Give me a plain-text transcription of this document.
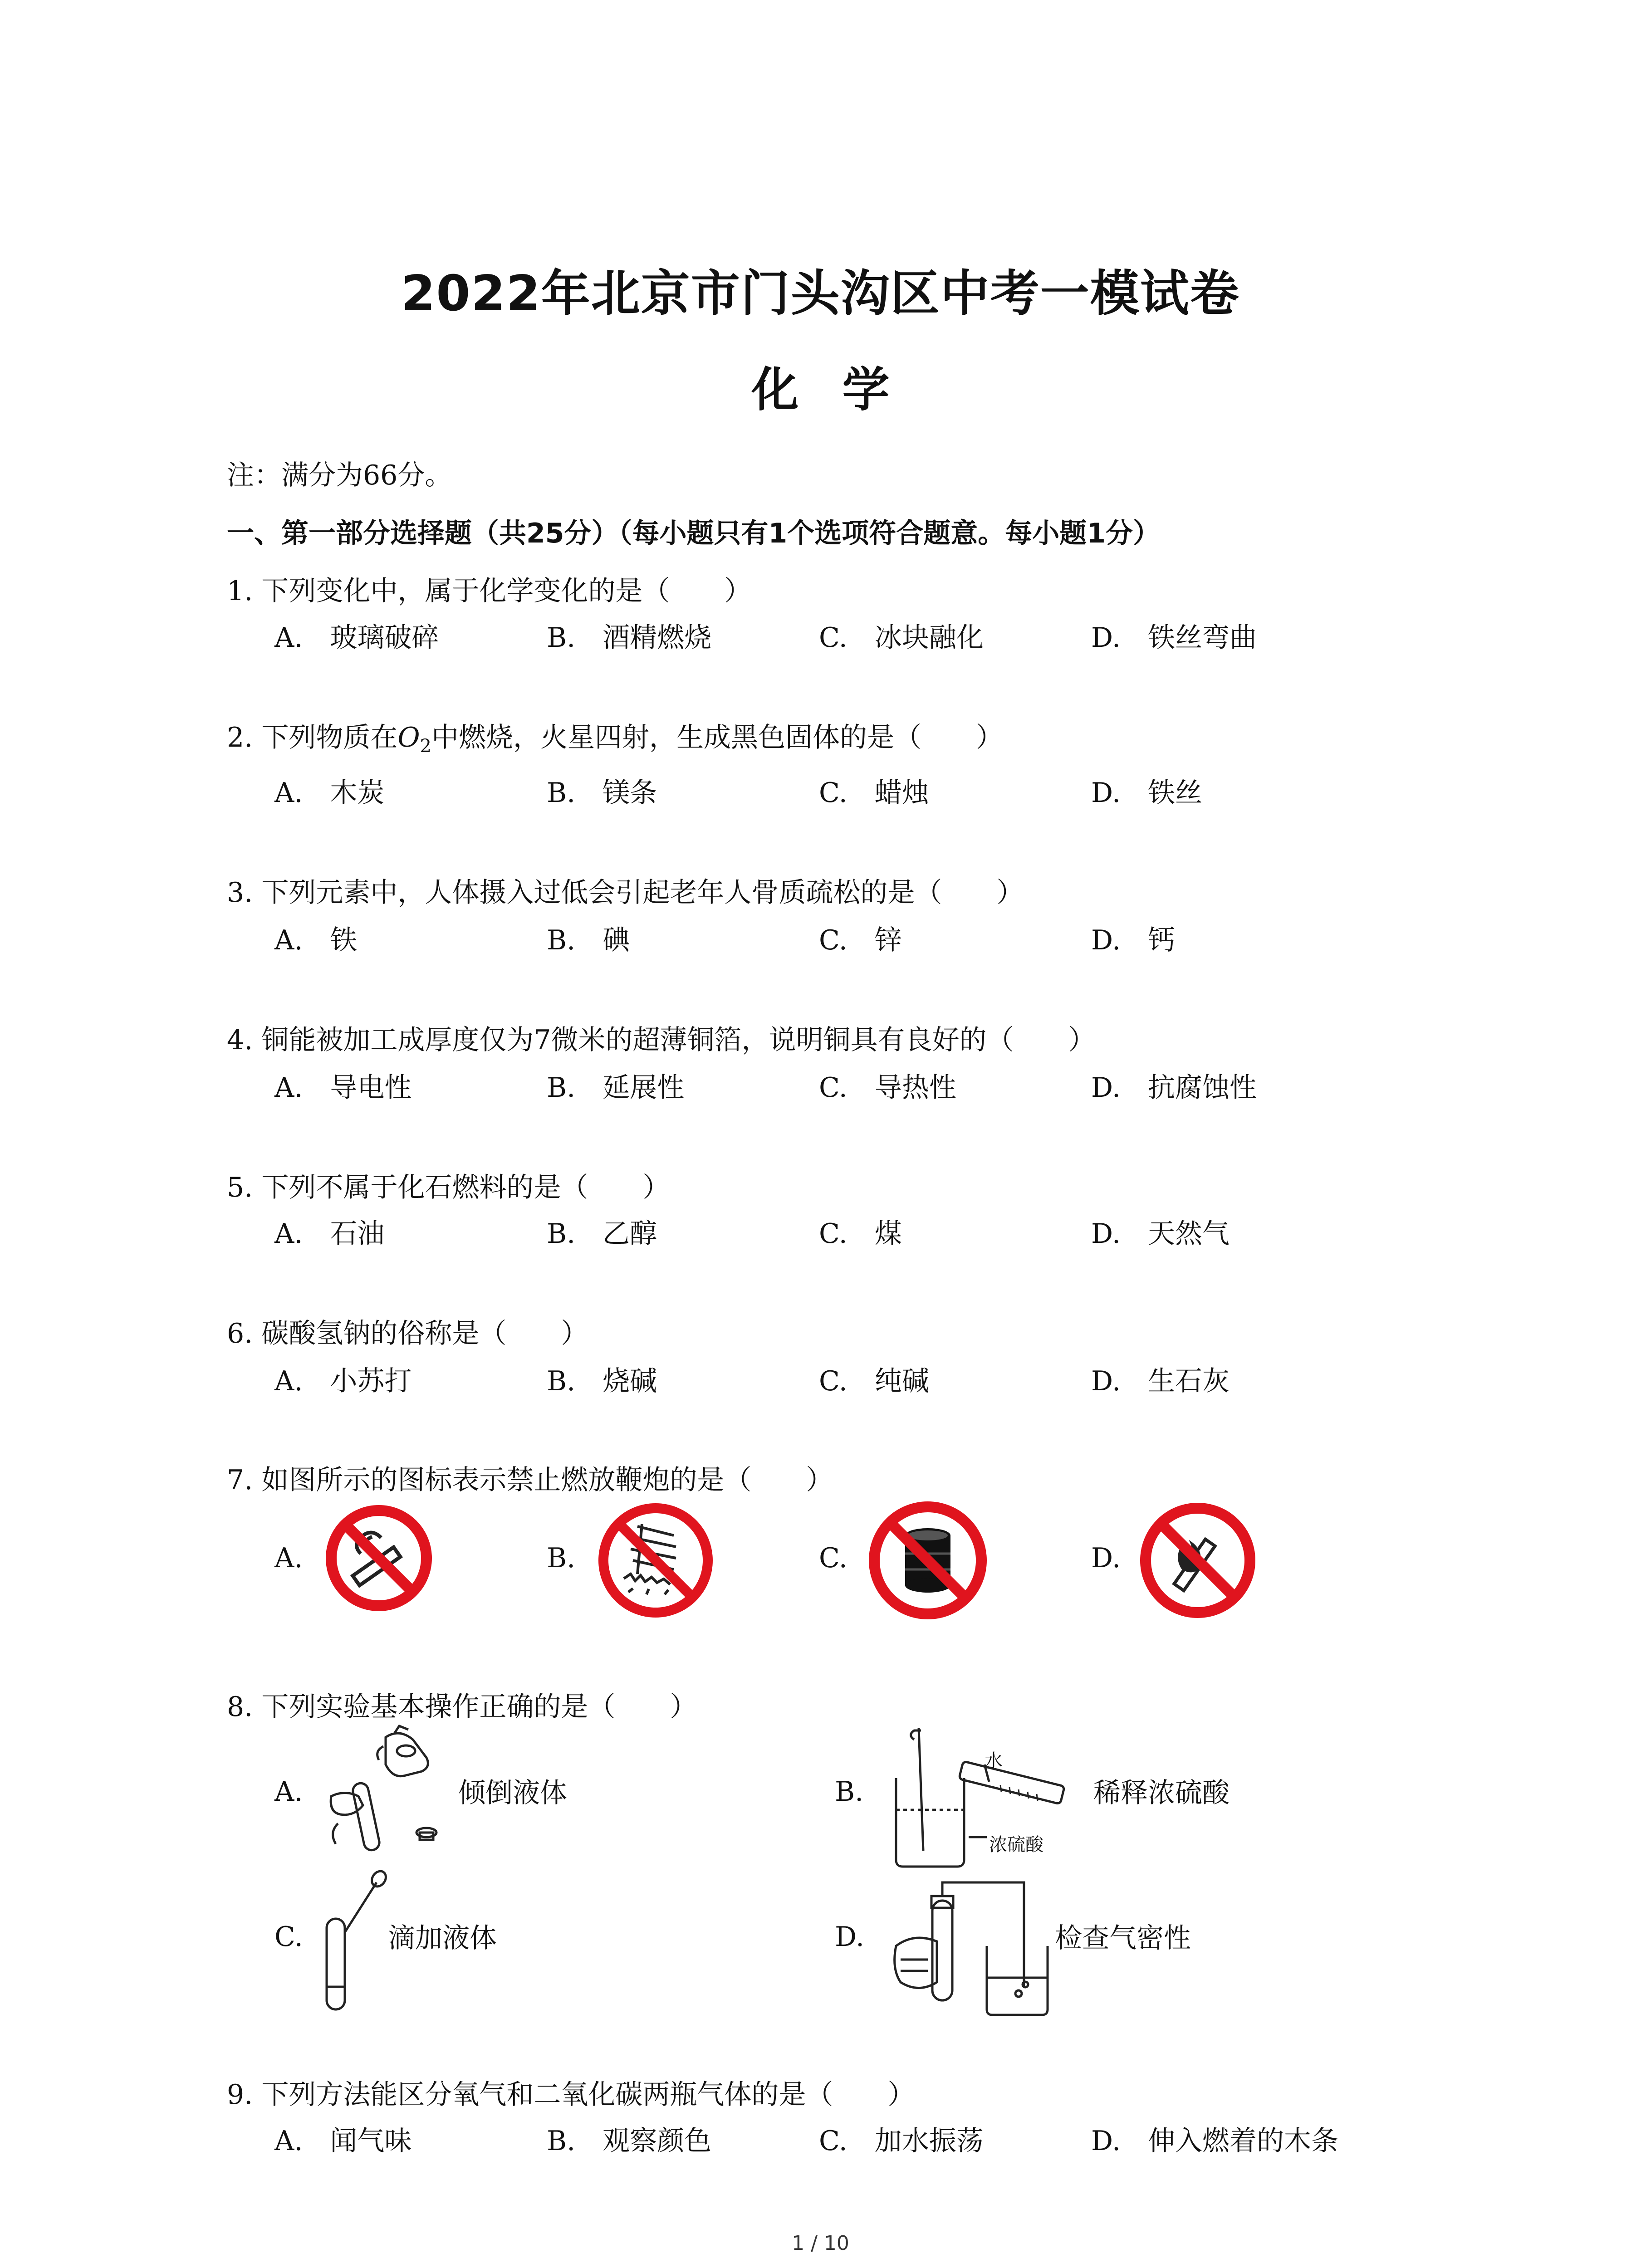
2022年北京市门头沟区中考一模试卷
化 学
注：满分为66分。
一、第一部分选择题（共25分）（每小题只有1个选项符合题意。每小题1分）
1. 下列变化中，属于化学变化的是（　　）
A.　玻璃破碎	B.　酒精燃烧	C.　冰块融化	D.　铁丝弯曲
2. 下列物质在$O_2$中燃烧，火星四射，生成黑色固体的是（　　）
A.　木炭	B.　镁条	C.　蜡烛	D.　铁丝
3. 下列元素中，人体摄入过低会引起老年人骨质疏松的是（　　）
A.　铁	B.　碘	C.　锌	D.　钙
4. 铜能被加工成厚度仅为7微米的超薄铜箔，说明铜具有良好的（　　）
A.　导电性	B.　延展性	C.　导热性	D.　抗腐蚀性
5. 下列不属于化石燃料的是（　　）
A.　石油	B.　乙醇	C.　煤	D.　天然气
6. 碳酸氢钠的俗称是（　　）
A.　小苏打	B.　烧碱	C.　纯碱	D.　生石灰
7. 如图所示的图标表示禁止燃放鞭炮的是（　　）
A.	B.	C.	D.
8. 下列实验基本操作正确的是（　　）
A.	倾倒液体	B.
水
浓硫酸
稀释浓硫酸
C.	滴加液体	D.	检查气密性
9. 下列方法能区分氧气和二氧化碳两瓶气体的是（　　）
A.　闻气味	B.　观察颜色	C.　加水振荡	D.　伸入燃着的木条
1 / 10
